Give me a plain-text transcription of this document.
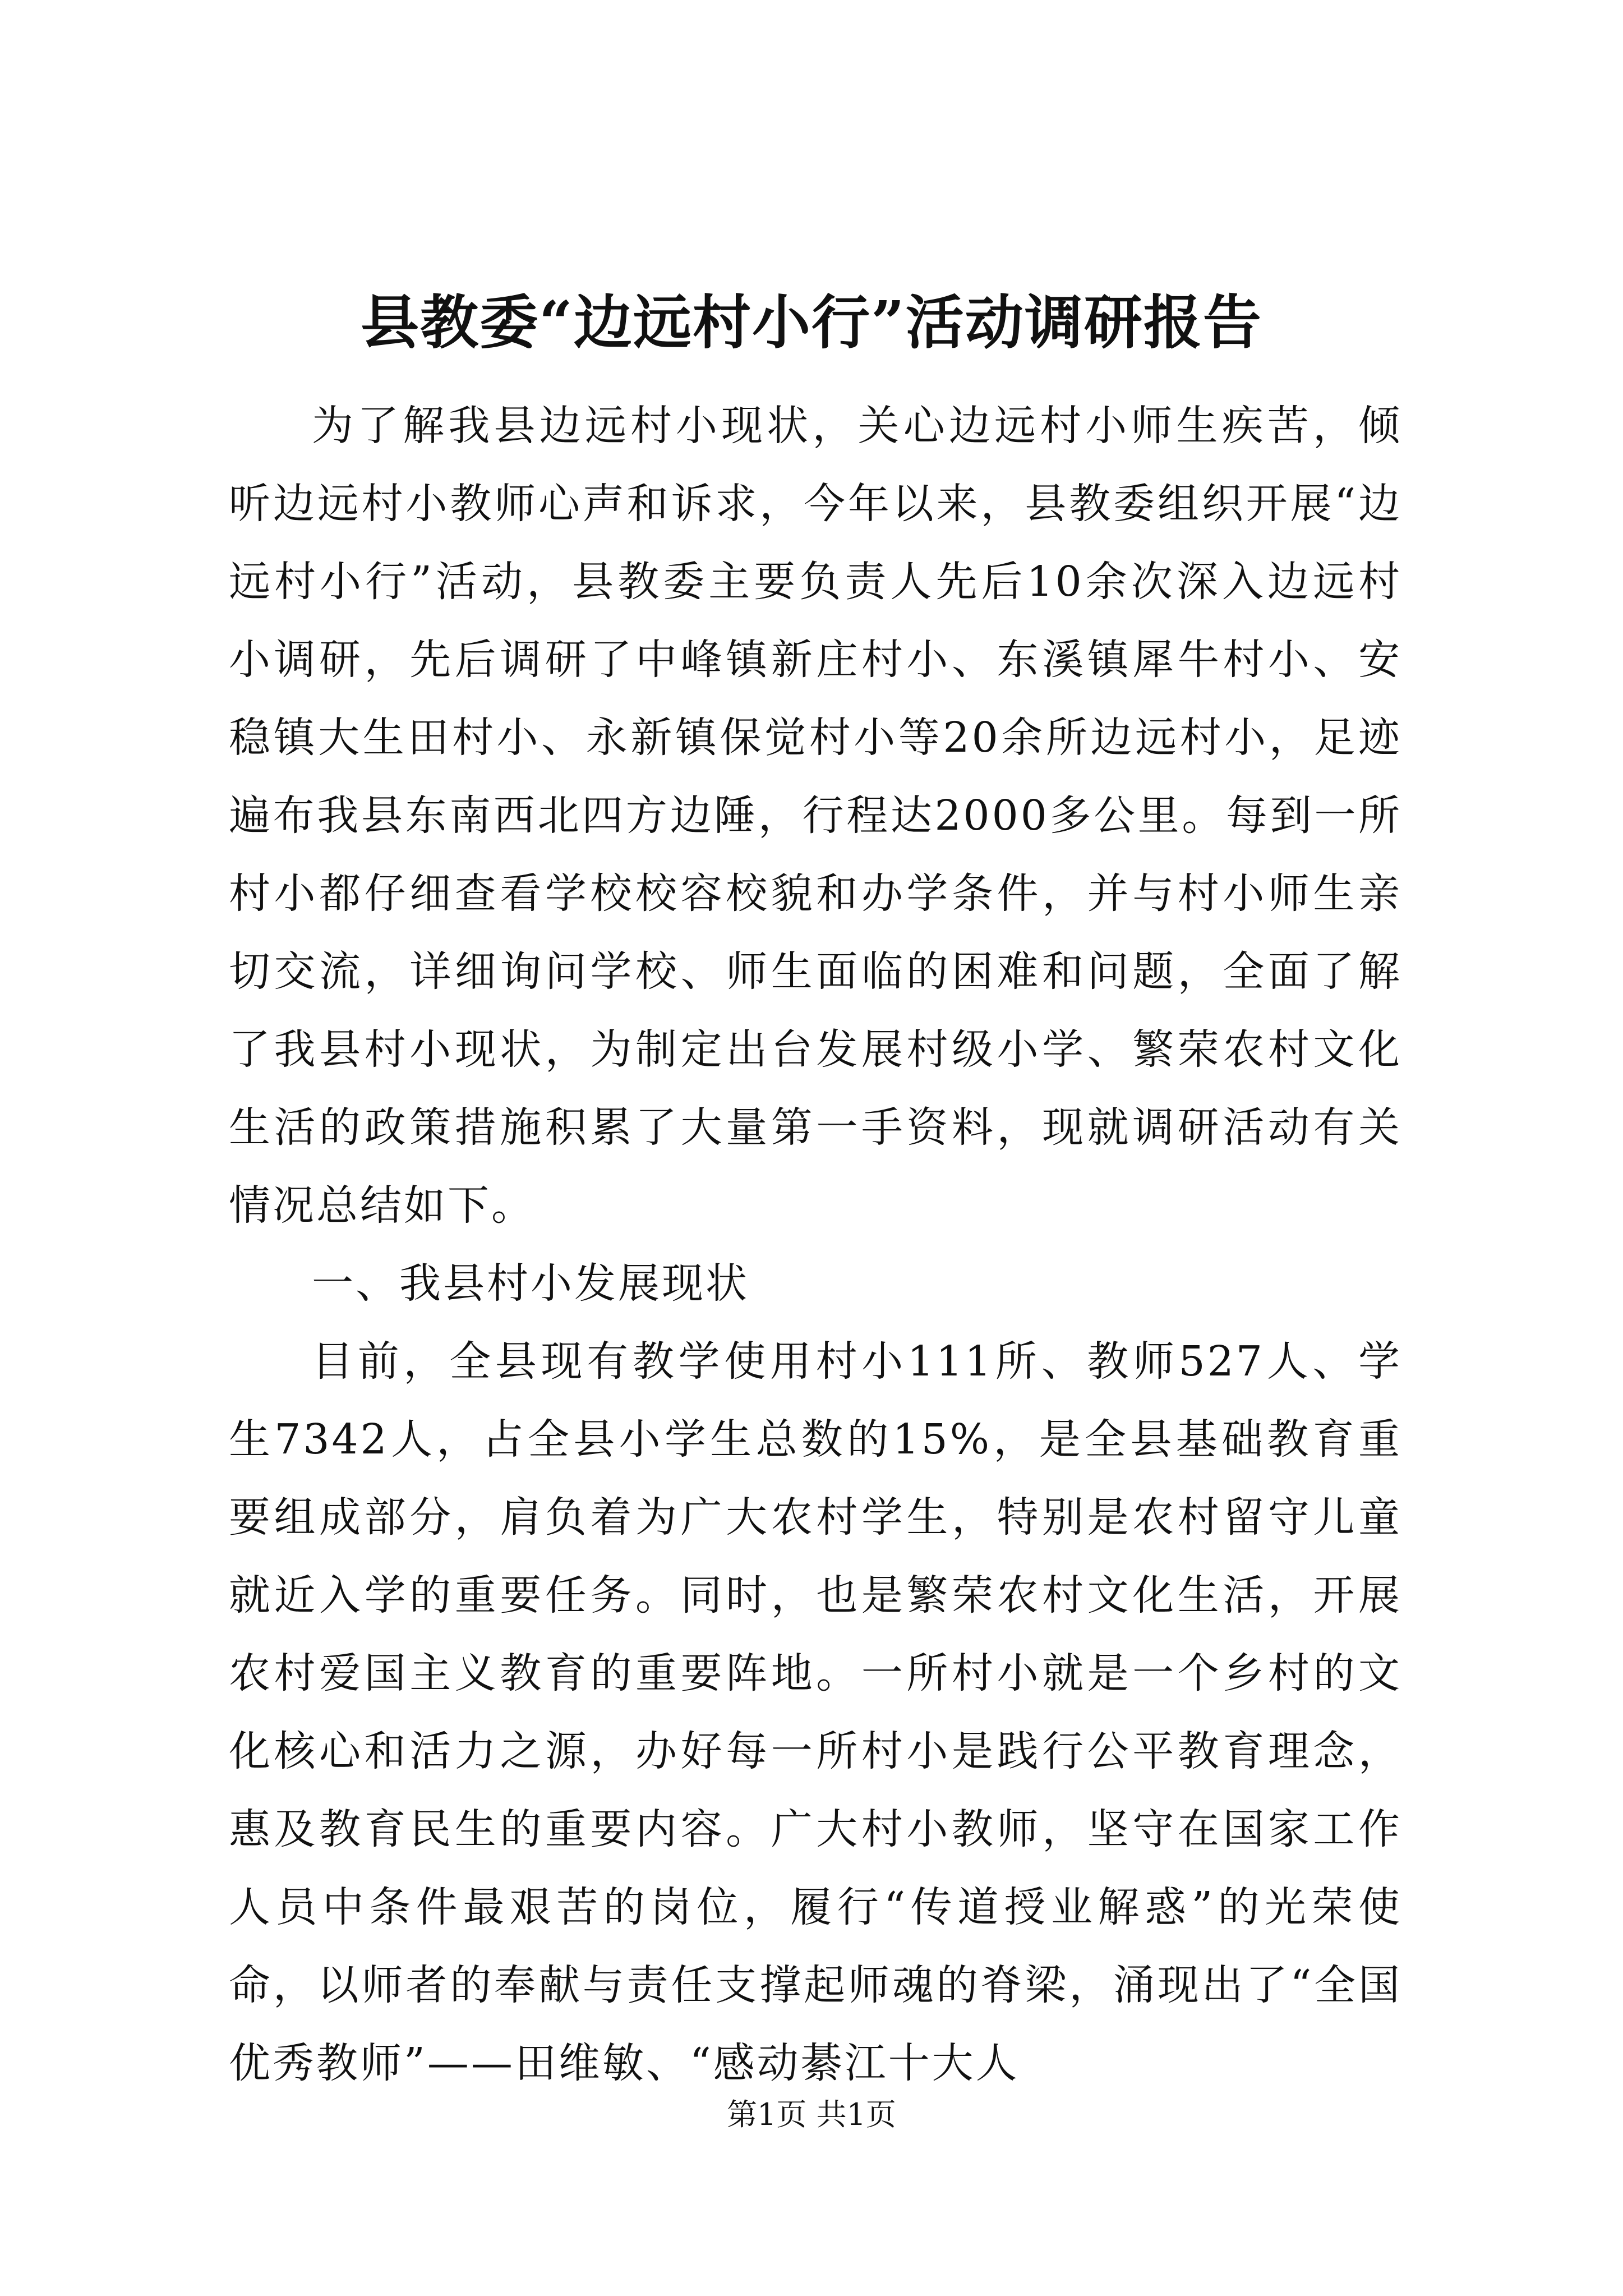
县教委“边远村小行”活动调研报告

为了解我县边远村小现状，关心边远村小师生疾苦，倾听边远村小教师心声和诉求，今年以来，县教委组织开展“边远村小行”活动，县教委主要负责人先后10余次深入边远村小调研，先后调研了中峰镇新庄村小、东溪镇犀牛村小、安稳镇大生田村小、永新镇保觉村小等20余所边远村小，足迹遍布我县东南西北四方边陲，行程达2000多公里。每到一所村小都仔细查看学校校容校貌和办学条件，并与村小师生亲切交流，详细询问学校、师生面临的困难和问题，全面了解了我县村小现状，为制定出台发展村级小学、繁荣农村文化生活的政策措施积累了大量第一手资料，现就调研活动有关情况总结如下。

一、我县村小发展现状

目前，全县现有教学使用村小111所、教师527人、学生7342人，占全县小学生总数的15%，是全县基础教育重要组成部分，肩负着为广大农村学生，特别是农村留守儿童就近入学的重要任务。同时，也是繁荣农村文化生活，开展农村爱国主义教育的重要阵地。一所村小就是一个乡村的文化核心和活力之源，办好每一所村小是践行公平教育理念，惠及教育民生的重要内容。广大村小教师，坚守在国家工作人员中条件最艰苦的岗位，履行“传道授业解惑”的光荣使命，以师者的奉献与责任支撑起师魂的脊梁，涌现出了“全国优秀教师”——田维敏、“感动綦江十大人

第1页 共1页
